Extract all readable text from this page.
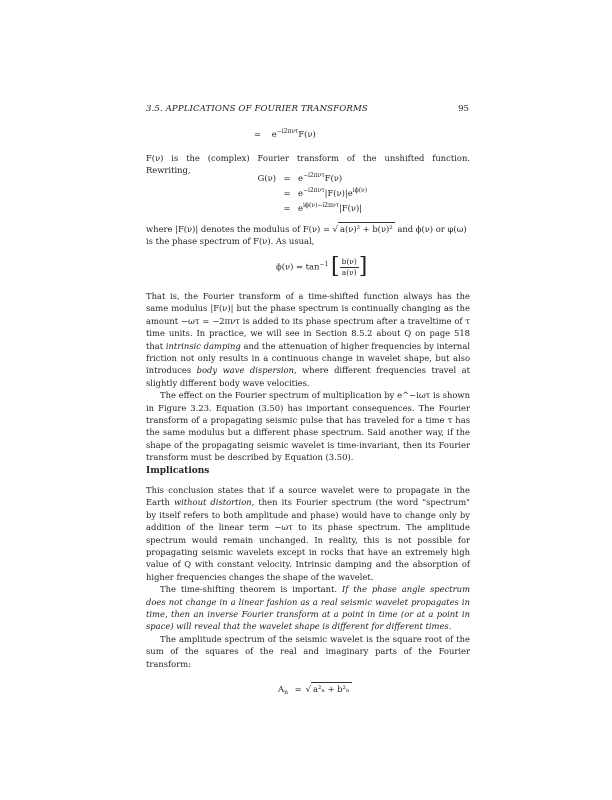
3.5. APPLICATIONS OF FOURIER TRANSFORMS	95
= $e^{-i2\pi\nu\tau}F(\nu)$

F(ν) is the (complex) Fourier transform of the unshifted function. Rewriting,

$G(\nu) = e^{-i2\pi\nu\tau}F(\nu)$
= $e^{-i2\pi\nu\tau}|F(\nu)|e^{i\phi(\nu)}$
= $e^{i\phi(\nu)-i2\pi\nu\tau}|F(\nu)|$

where |F(ν)| denotes the modulus of F(ν) = √ a(ν)² + b(ν)² and ϕ(ν) or φ(ω)

is the phase spectrum of F(ν). As usual,

$\phi(\nu) = \tan^{-1}$ [ $\frac{b(\nu)}{a(\nu)}$ ]

That is, the Fourier transform of a time-shifted function always has the same modulus |F(ν)| but the phase spectrum is continually changing as the amount −ωτ = −2πντ is added to its phase spectrum after a traveltime of τ time units. In practice, we will see in Section 8.5.2 about Q on page 518 that intrinsic damping and the attenuation of higher frequencies by internal friction not only results in a continuous change in wavelet shape, but also introduces body wave dispersion, where different frequencies travel at slightly different body wave velocities.

The effect on the Fourier spectrum of multiplication by e^−iωτ is shown in Figure 3.23. Equation (3.50) has important consequences. The Fourier transform of a propagating seismic pulse that has traveled for a time τ has the same modulus but a different phase spectrum. Said another way, if the shape of the propagating seismic wavelet is time-invariant, then its Fourier transform must be described by Equation (3.50).

Implications

This conclusion states that if a source wavelet were to propagate in the Earth without distortion, then its Fourier spectrum (the word "spectrum" by itself refers to both amplitude and phase) would have to change only by addition of the linear term −ωτ to its phase spectrum. The amplitude spectrum would remain unchanged. In reality, this is not possible for propagating seismic wavelets except in rocks that have an extremely high value of Q with constant velocity. Intrinsic damping and the absorption of higher frequencies changes the shape of the wavelet.

The time-shifting theorem is important. If the phase angle spectrum does not change in a linear fashion as a real seismic wavelet propagates in time, then an inverse Fourier transform at a point in time (or at a point in space) will reveal that the wavelet shape is different for different times.

The amplitude spectrum of the seismic wavelet is the square root of the sum of the squares of the real and imaginary parts of the Fourier transform:

$A_n$ = √ a²ₙ + b²ₙ
